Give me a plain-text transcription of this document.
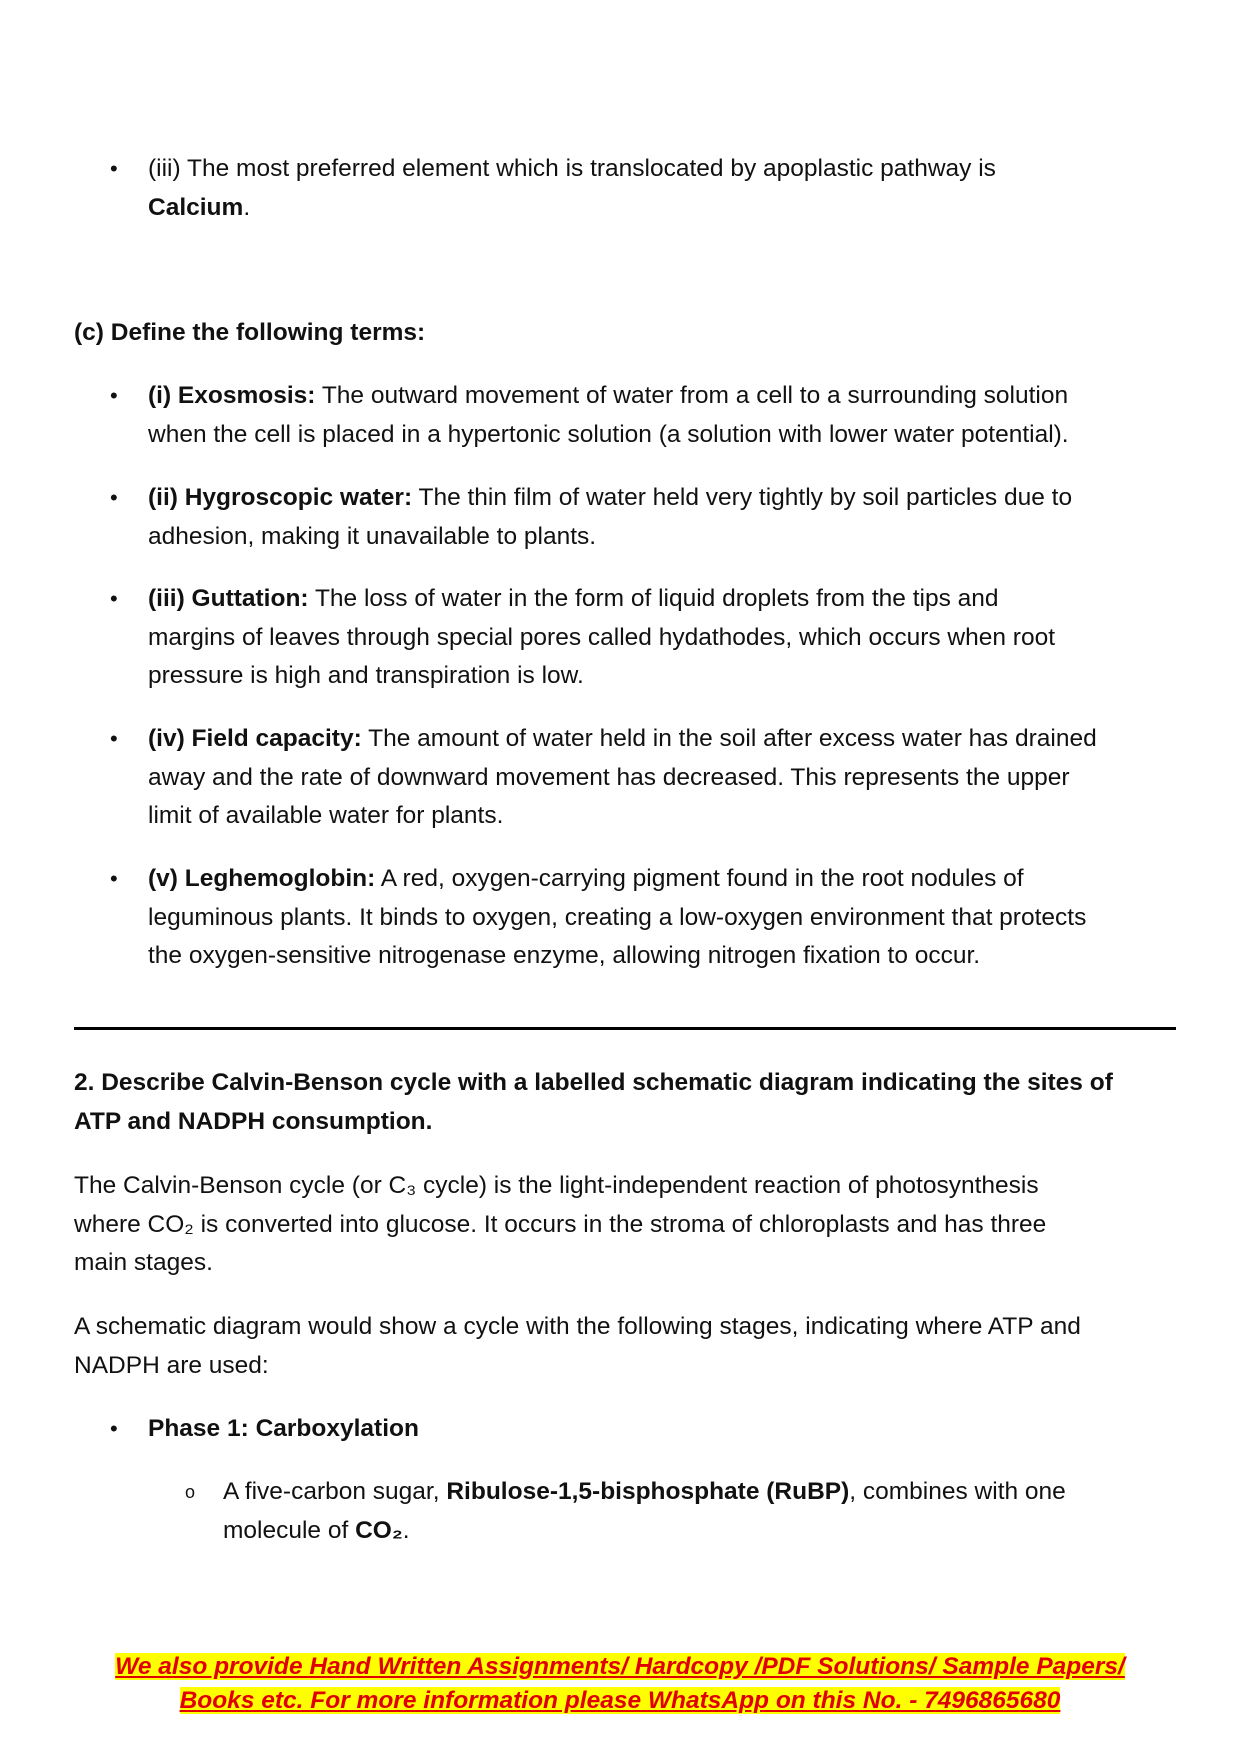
•	(iii) The most preferred element which is translocated by apoplastic pathway is
Calcium.
(c) Define the following terms:
•	(i) Exosmosis: The outward movement of water from a cell to a surrounding solution
when the cell is placed in a hypertonic solution (a solution with lower water potential).
•	(ii) Hygroscopic water: The thin film of water held very tightly by soil particles due to
adhesion, making it unavailable to plants.
•	(iii) Guttation: The loss of water in the form of liquid droplets from the tips and
margins of leaves through special pores called hydathodes, which occurs when root
pressure is high and transpiration is low.
•	(iv) Field capacity: The amount of water held in the soil after excess water has drained
away and the rate of downward movement has decreased. This represents the upper
limit of available water for plants.
•	(v) Leghemoglobin: A red, oxygen-carrying pigment found in the root nodules of
leguminous plants. It binds to oxygen, creating a low-oxygen environment that protects
the oxygen-sensitive nitrogenase enzyme, allowing nitrogen fixation to occur.
2. Describe Calvin-Benson cycle with a labelled schematic diagram indicating the sites of
ATP and NADPH consumption.
The Calvin-Benson cycle (or C₃ cycle) is the light-independent reaction of photosynthesis
where CO₂ is converted into glucose. It occurs in the stroma of chloroplasts and has three
main stages.
A schematic diagram would show a cycle with the following stages, indicating where ATP and
NADPH are used:
•	Phase 1: Carboxylation
o A five-carbon sugar, Ribulose-1,5-bisphosphate (RuBP), combines with one
molecule of CO₂.
We also provide Hand Written Assignments/ Hardcopy /PDF Solutions/ Sample Papers/
Books etc. For more information please WhatsApp on this No. - 7496865680
